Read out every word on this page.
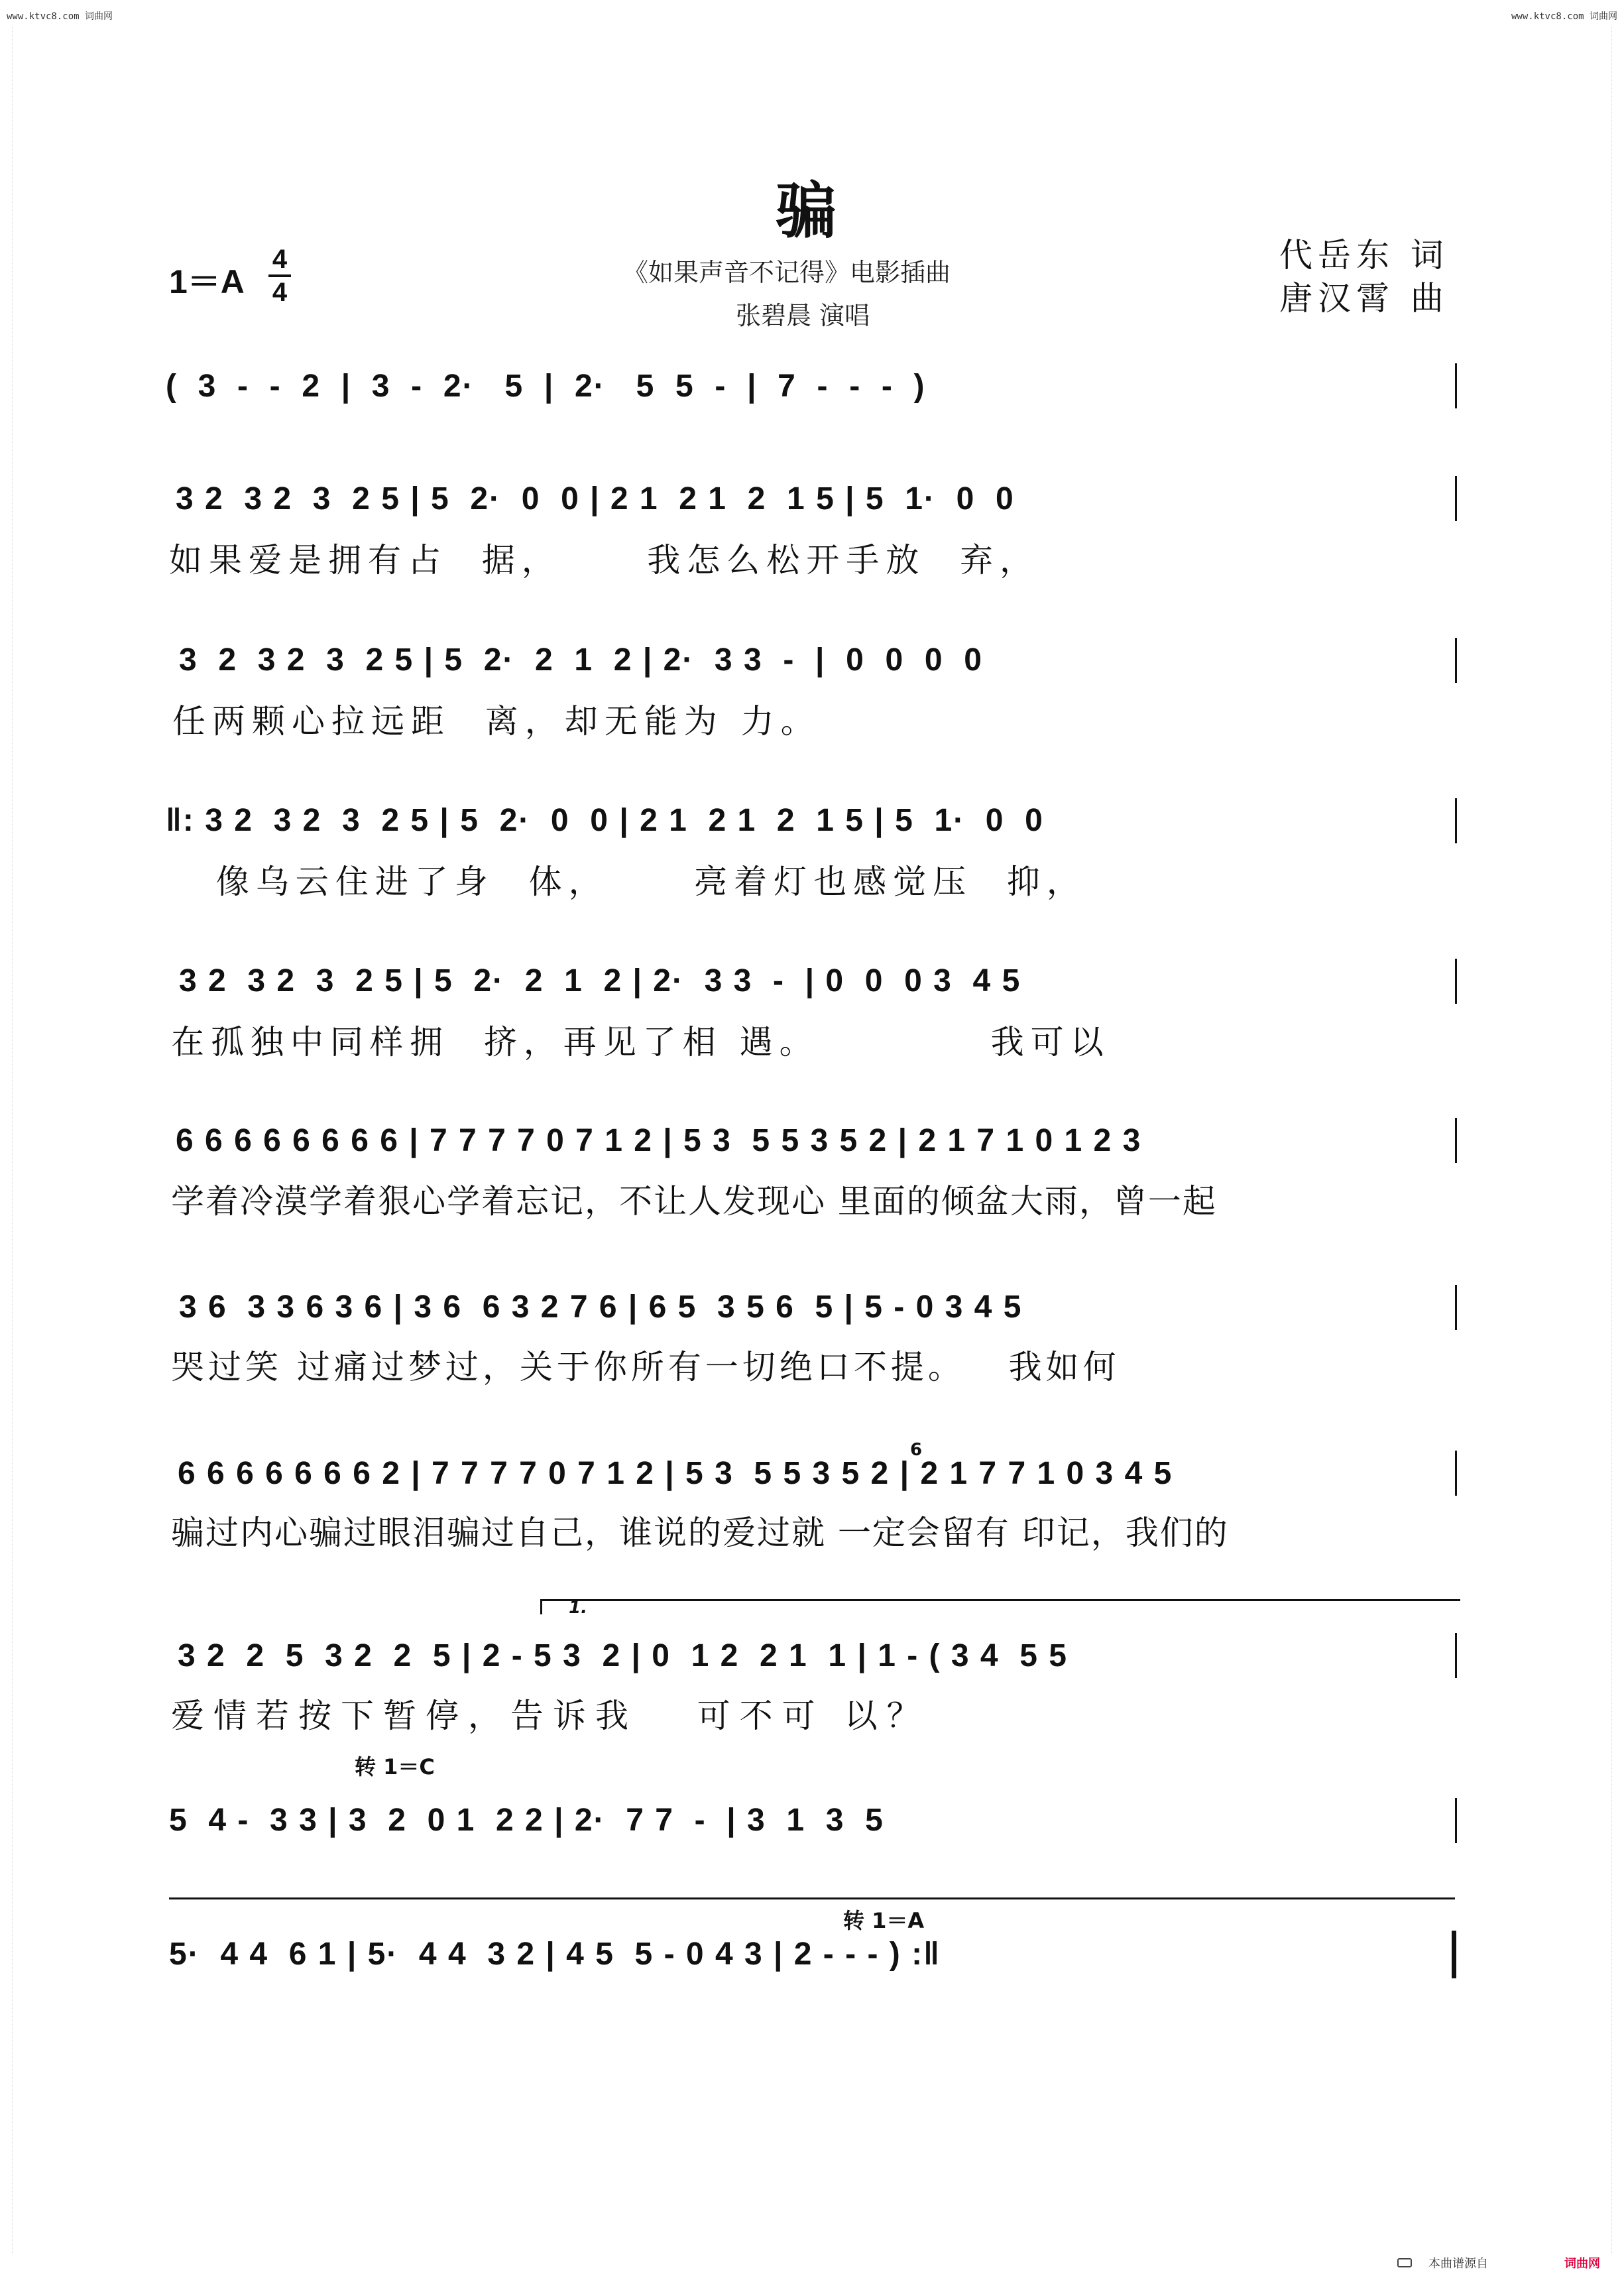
www.ktvc8.com 词曲网	www.ktvc8.com 词曲网
骗
《如果声音不记得》电影插曲
张碧晨 演唱
代岳东 词
唐汉霄 曲
1＝A
4
4
(  3  -  -  2  |  3  -  2·   5  |  2·   5  5  -  |  7  -  -  -  )
3 2  3 2  3  2 5 | 5  2·  0  0 | 2 1  2 1  2  1 5 | 5  1·  0  0
如果爱是拥有占  据，     我怎么松开手放  弃，
3  2  3 2  3  2 5 | 5  2·  2  1  2 | 2·  3 3  -  |  0  0  0  0
任两颗心拉远距  离，却无能为 力。
‖: 3 2  3 2  3  2 5 | 5  2·  0  0 | 2 1  2 1  2  1 5 | 5  1·  0  0
像乌云住进了身  体，     亮着灯也感觉压  抑，
3 2  3 2  3  2 5 | 5  2·  2  1  2 | 2·  3 3  -  | 0  0  0 3  4 5
在孤独中同样拥  挤，再见了相 遇。          我可以
6 6 6 6 6 6 6 6 | 7 7 7 7 0 7 1 2 | 5 3  5 5 3 5 2 | 2 1 7 1 0 1 2 3
学着冷漠学着狠心学着忘记，不让人发现心 里面的倾盆大雨，曾一起
3 6  3 3 6 3 6 | 3 6  6 3 2 7 6 | 6 5  3 5 6  5 | 5 - 0 3 4 5
哭过笑 过痛过梦过，关于你所有一切绝口不提。   我如何
6
6 6 6 6 6 6 6 2 | 7 7 7 7 0 7 1 2 | 5 3  5 5 3 5 2 | 2 1 7 7 1 0 3 4 5
骗过内心骗过眼泪骗过自己，谁说的爱过就 一定会留有 印记，我们的
1.
3 2  2  5  3 2  2  5 | 2 - 5 3  2 | 0  1 2  2 1  1 | 1 - ( 3 4  5 5
爱情若按下暂停，告诉我   可不可 以？
转 1＝C
5  4 -  3 3 | 3  2  0 1  2 2 | 2·  7 7  -  | 3  1  3  5
转 1＝A
5·  4 4  6 1 | 5·  4 4  3 2 | 4 5  5 - 0 4 3 | 2 - - - ) :‖
本曲谱源自	词曲网
